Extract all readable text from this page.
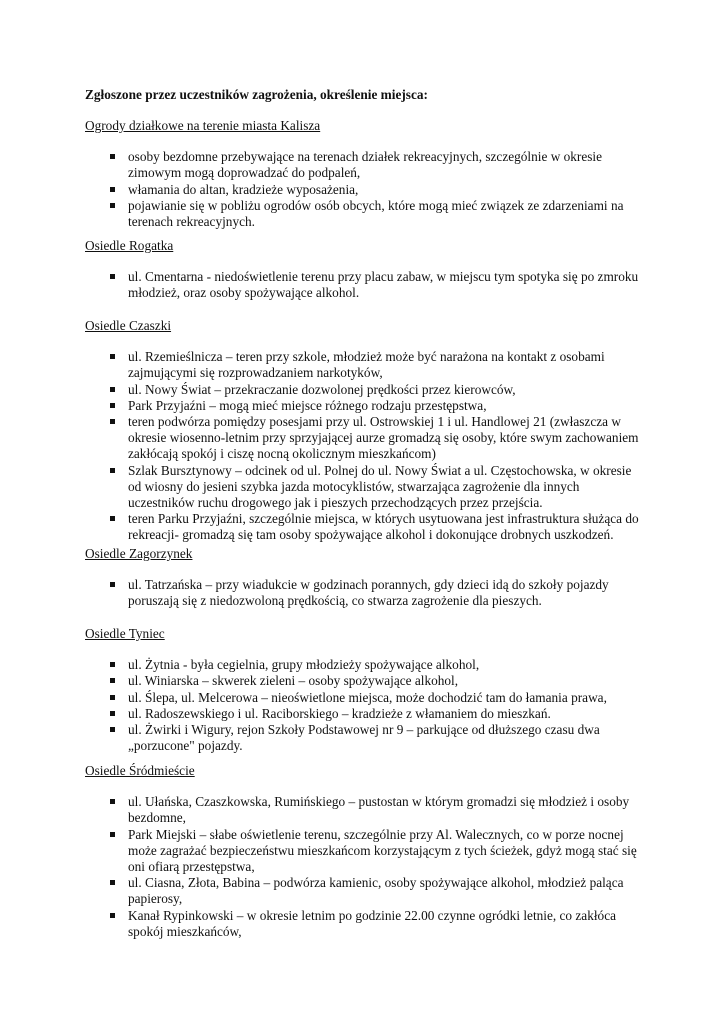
Zgłoszone przez uczestników zagrożenia, określenie miejsca:

Ogrody działkowe na terenie miasta Kalisza

osoby bezdomne przebywające na terenach działek rekreacyjnych, szczególnie w okresie zimowym mogą doprowadzać do podpaleń,
włamania do altan, kradzieże wyposażenia,
pojawianie się w pobliżu ogrodów osób obcych, które mogą mieć związek ze zdarzeniami na terenach rekreacyjnych.

Osiedle Rogatka

ul. Cmentarna - niedoświetlenie terenu przy placu zabaw, w miejscu tym spotyka się po zmroku młodzież, oraz osoby spożywające alkohol.

Osiedle Czaszki

ul. Rzemieślnicza – teren przy szkole, młodzież może być narażona na kontakt z osobami zajmującymi się rozprowadzaniem narkotyków,
ul. Nowy Świat – przekraczanie dozwolonej prędkości przez kierowców,
Park Przyjaźni – mogą mieć miejsce różnego rodzaju przestępstwa,
teren podwórza pomiędzy posesjami przy ul. Ostrowskiej 1 i ul. Handlowej 21 (zwłaszcza w okresie wiosenno-letnim przy sprzyjającej aurze gromadzą się osoby, które swym zachowaniem zakłócają spokój i ciszę nocną okolicznym mieszkańcom)
Szlak Bursztynowy – odcinek od ul. Polnej do ul. Nowy Świat a ul. Częstochowska, w okresie od wiosny do jesieni szybka jazda motocyklistów, stwarzająca zagrożenie dla innych uczestników ruchu drogowego jak i pieszych przechodzących przez przejścia.
teren Parku Przyjaźni, szczególnie miejsca, w których usytuowana jest infrastruktura służąca do rekreacji- gromadzą się tam osoby spożywające alkohol i dokonujące drobnych uszkodzeń.

Osiedle Zagorzynek

ul. Tatrzańska – przy wiadukcie w godzinach porannych, gdy dzieci idą do szkoły pojazdy poruszają się z niedozwoloną prędkością, co stwarza zagrożenie dla pieszych.

Osiedle Tyniec

ul. Żytnia - była cegielnia, grupy młodzieży spożywające alkohol,
ul. Winiarska – skwerek zieleni – osoby spożywające alkohol,
ul. Ślepa, ul. Melcerowa – nieoświetlone miejsca, może dochodzić tam do łamania prawa,
ul. Radoszewskiego i ul. Raciborskiego – kradzieże z włamaniem do mieszkań.
ul. Żwirki i Wigury, rejon Szkoły Podstawowej nr 9 – parkujące od dłuższego czasu dwa „porzucone" pojazdy.

Osiedle Śródmieście

ul. Ułańska, Czaszkowska, Rumińskiego – pustostan w którym gromadzi się młodzież i osoby bezdomne,
Park Miejski – słabe oświetlenie terenu, szczególnie przy Al. Walecznych, co w porze nocnej może zagrażać bezpieczeństwu mieszkańcom korzystającym z tych ścieżek, gdyż mogą stać się oni ofiarą przestępstwa,
ul. Ciasna, Złota, Babina – podwórza kamienic, osoby spożywające alkohol, młodzież paląca papierosy,
Kanał Rypinkowski – w okresie letnim po godzinie 22.00 czynne ogródki letnie, co zakłóca spokój mieszkańców,
